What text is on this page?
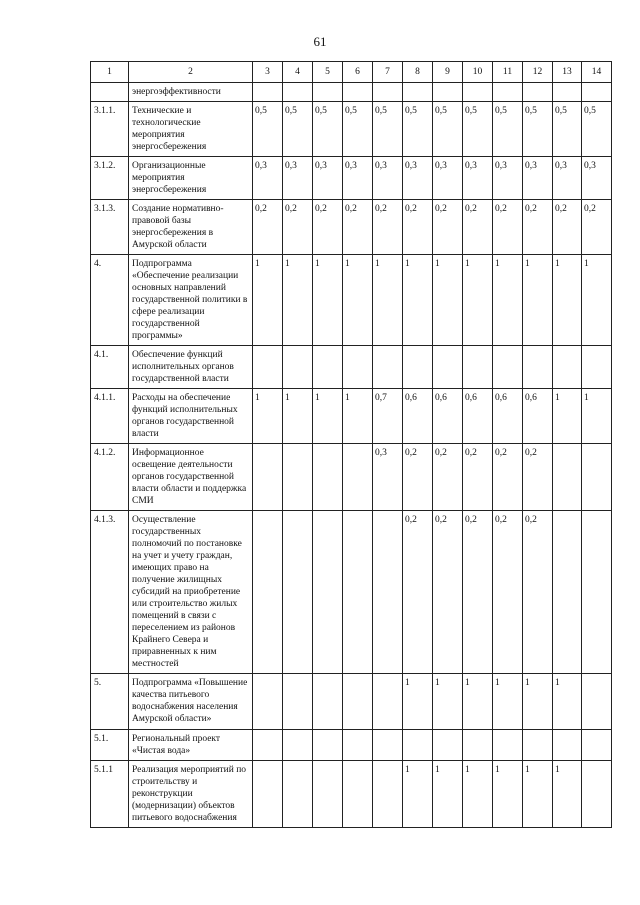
61
1	2	3	4	5	6	7	8	9	10	11	12	13	14
	энергоэффективности												
3.1.1.	Технические и технологические мероприятия энергосбережения	0,5	0,5	0,5	0,5	0,5	0,5	0,5	0,5	0,5	0,5	0,5	0,5
3.1.2.	Организационные мероприятия энергосбережения	0,3	0,3	0,3	0,3	0,3	0,3	0,3	0,3	0,3	0,3	0,3	0,3
3.1.3.	Создание нормативно-правовой базы энергосбережения в Амурской области	0,2	0,2	0,2	0,2	0,2	0,2	0,2	0,2	0,2	0,2	0,2	0,2
4.	Подпрограмма «Обеспечение реализации основных направлений государственной политики в сфере реализации государственной программы»	1	1	1	1	1	1	1	1	1	1	1	1
4.1.	Обеспечение функций исполнительных органов государственной власти												
4.1.1.	Расходы на обеспечение функций исполнительных органов государственной власти	1	1	1	1	0,7	0,6	0,6	0,6	0,6	0,6	1	1
4.1.2.	Информационное освещение деятельности органов государственной власти области и поддержка СМИ					0,3	0,2	0,2	0,2	0,2	0,2		
4.1.3.	Осуществление государственных полномочий по постановке на учет и учету граждан, имеющих право на получение жилищных субсидий на приобретение или строительство жилых помещений в связи с переселением из районов Крайнего Севера и приравненных к ним местностей						0,2	0,2	0,2	0,2	0,2		
5.	Подпрограмма «Повышение качества питьевого водоснабжения населения Амурской области»						1	1	1	1	1	1	
5.1.	Региональный проект «Чистая вода»												
5.1.1	Реализация мероприятий по строительству и реконструкции (модернизации) объектов питьевого водоснабжения						1	1	1	1	1	1	
